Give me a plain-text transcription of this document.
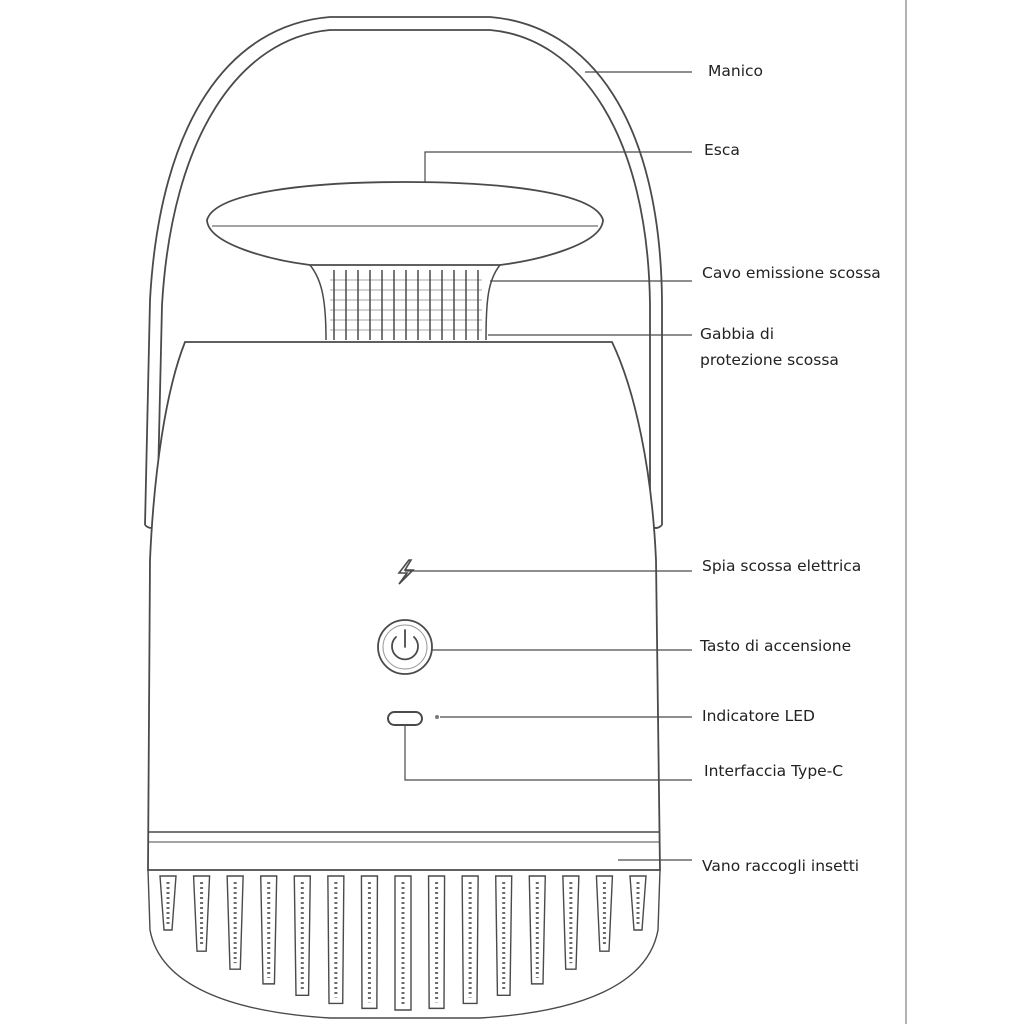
Manico
Esca
Cavo emissione scossa
Gabbia di
protezione scossa
Spia scossa elettrica
Tasto di accensione
Indicatore LED
Interfaccia Type-C
Vano raccogli insetti
